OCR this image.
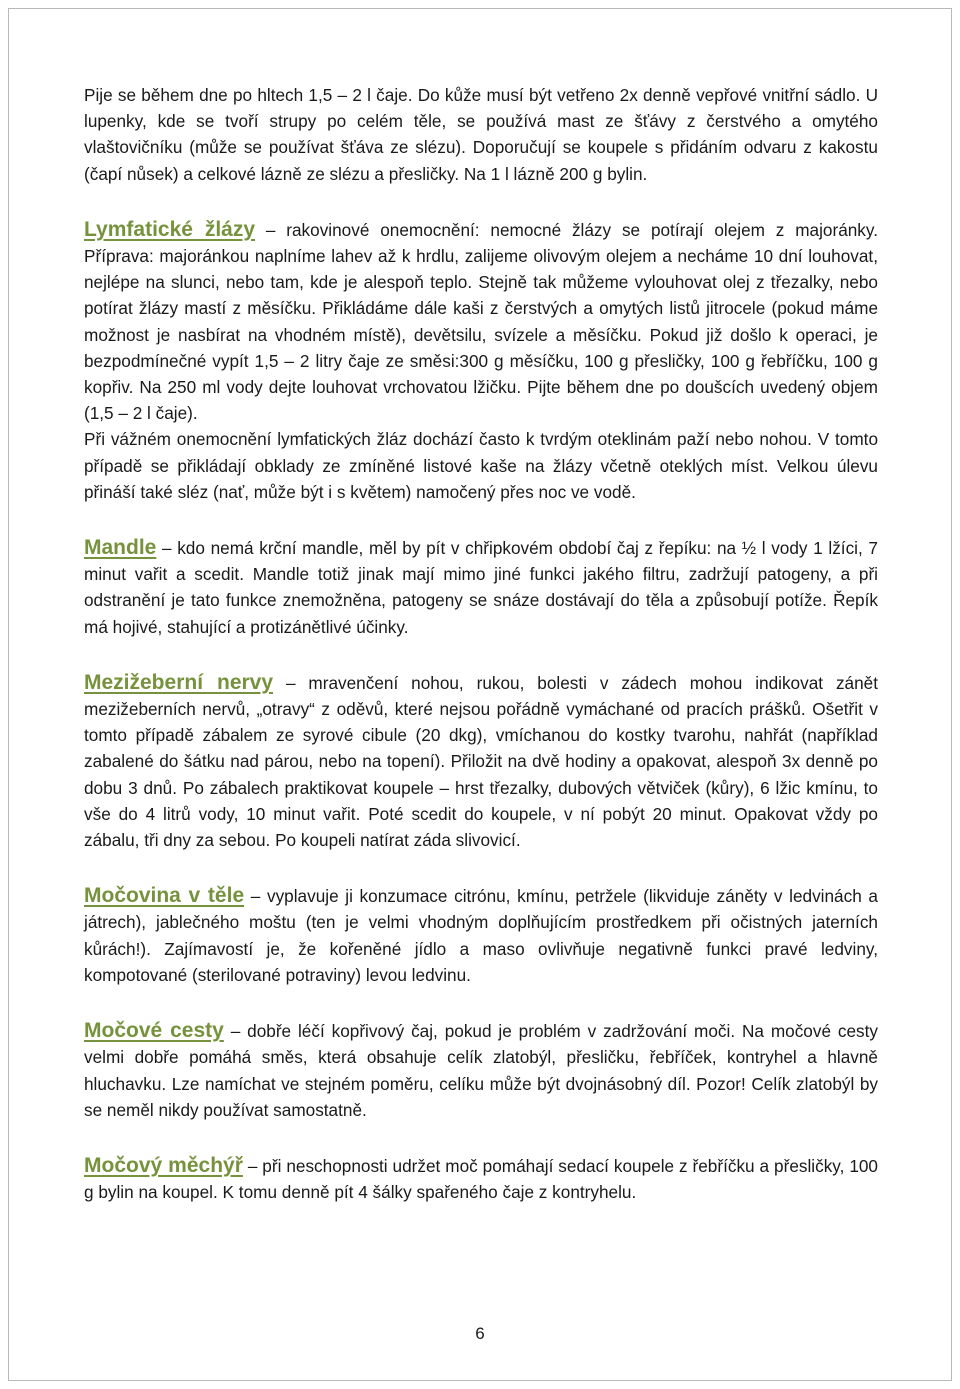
Pije se během dne po hltech 1,5 – 2 l čaje. Do kůže musí být vetřeno 2x denně vepřové vnitřní sádlo. U lupenky, kde se tvoří strupy po celém těle, se používá mast ze šťávy z čerstvého a omytého vlaštovičníku (může se používat šťáva ze slézu). Doporučují se koupele s přidáním odvaru z kakostu (čapí nůsek) a celkové lázně ze slézu a přesličky. Na 1 l lázně 200 g bylin.

Lymfatické žlázy – rakovinové onemocnění: nemocné žlázy se potírají olejem z majoránky. Příprava: majoránkou naplníme lahev až k hrdlu, zalijeme olivovým olejem a necháme 10 dní louhovat, nejlépe na slunci, nebo tam, kde je alespoň teplo. Stejně tak můžeme vylouhovat olej z třezalky, nebo potírat žlázy mastí z měsíčku. Přikládáme dále kaši z čerstvých a omytých listů jitrocele (pokud máme možnost je nasbírat na vhodném místě), devětsilu, svízele a měsíčku. Pokud již došlo k operaci, je bezpodmínečné vypít 1,5 – 2 litry čaje ze směsi:300 g měsíčku, 100 g přesličky, 100 g řebříčku, 100 g kopřiv. Na 250 ml vody dejte louhovat vrchovatou lžičku. Pijte během dne po doušcích uvedený objem (1,5 – 2 l čaje).

Při vážném onemocnění lymfatických žláz dochází často k tvrdým oteklinám paží nebo nohou. V tomto případě se přikládají obklady ze zmíněné listové kaše na žlázy včetně oteklých míst. Velkou úlevu přináší také sléz (nať, může být i s květem) namočený přes noc ve vodě.

Mandle – kdo nemá krční mandle, měl by pít v chřipkovém období čaj z řepíku: na ½ l vody 1 lžíci, 7 minut vařit a scedit. Mandle totiž jinak mají mimo jiné funkci jakého filtru, zadržují patogeny, a při odstranění je tato funkce znemožněna, patogeny se snáze dostávají do těla a způsobují potíže. Řepík má hojivé, stahující a protizánětlivé účinky.

Mezižeberní nervy – mravenčení nohou, rukou, bolesti v zádech mohou indikovat zánět mezižeberních nervů, „otravy“ z oděvů, které nejsou pořádně vymáchané od pracích prášků. Ošetřit v tomto případě zábalem ze syrové cibule (20 dkg), vmíchanou do kostky tvarohu, nahřát (například zabalené do šátku nad párou, nebo na topení). Přiložit na dvě hodiny a opakovat, alespoň 3x denně po dobu 3 dnů. Po zábalech praktikovat koupele – hrst třezalky, dubových větviček (kůry), 6 lžic kmínu, to vše do 4 litrů vody, 10 minut vařit. Poté scedit do koupele, v ní pobýt 20 minut. Opakovat vždy po zábalu, tři dny za sebou. Po koupeli natírat záda slivovicí.

Močovina v těle – vyplavuje ji konzumace citrónu, kmínu, petržele (likviduje záněty v ledvinách a játrech), jablečného moštu (ten je velmi vhodným doplňujícím prostředkem při očistných jaterních kůrách!). Zajímavostí je, že kořeněné jídlo a maso ovlivňuje negativně funkci pravé ledviny, kompotované (sterilované potraviny) levou ledvinu.

Močové cesty – dobře léčí kopřivový čaj, pokud je problém v zadržování moči. Na močové cesty velmi dobře pomáhá směs, která obsahuje celík zlatobýl, přesličku, řebříček, kontryhel a hlavně hluchavku. Lze namíchat ve stejném poměru, celíku může být dvojnásobný díl. Pozor! Celík zlatobýl by se neměl nikdy používat samostatně.

Močový měchýř – při neschopnosti udržet moč pomáhají sedací koupele z řebříčku a přesličky, 100 g bylin na koupel. K tomu denně pít 4 šálky spařeného čaje z kontryhelu.

6
